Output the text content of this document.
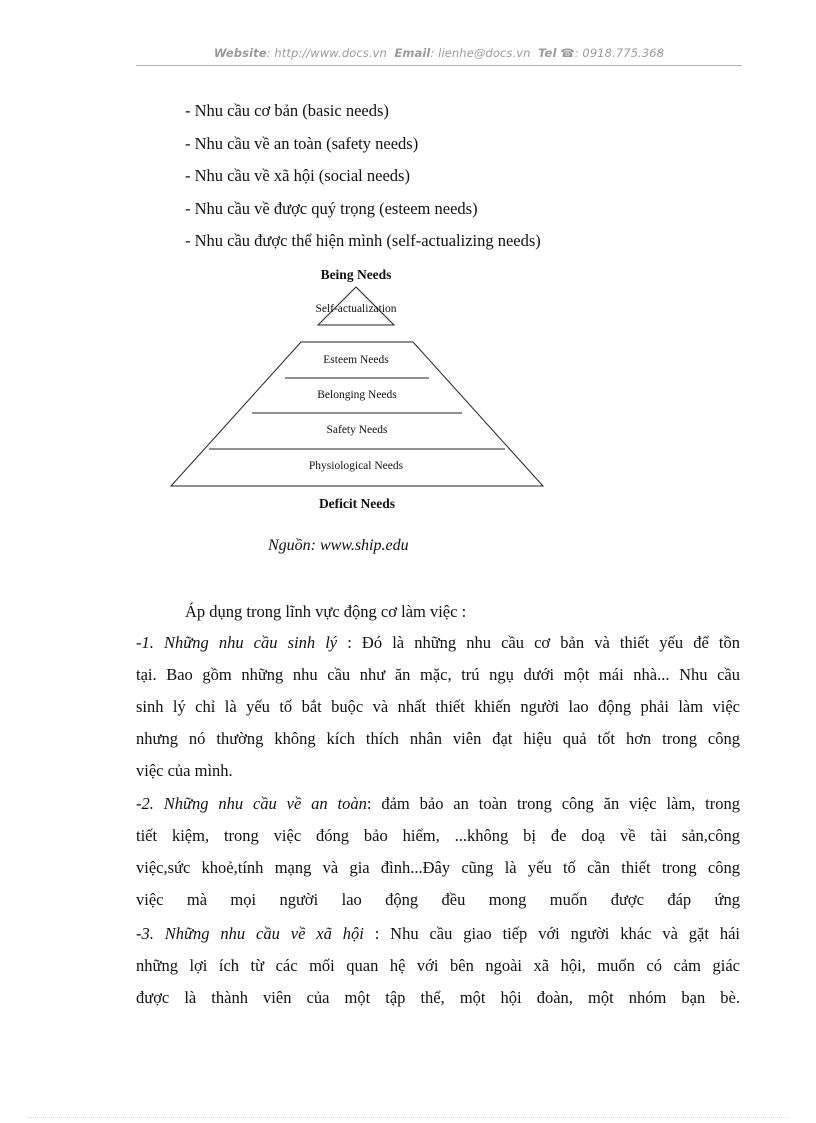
Website: http://www.docs.vn Email: lienhe@docs.vn Tel ☎: 0918.775.368
- Nhu cầu cơ bản (basic needs)
- Nhu cầu về an toàn (safety needs)
- Nhu cầu về xã hội (social needs)
- Nhu cầu về được quý trọng (esteem needs)
- Nhu cầu được thể hiện mình (self-actualizing needs)
Being Needs
Self-actualization
Esteem Needs
Belonging Needs
Safety Needs
Physiological Needs
Deficit Needs
Nguồn: www.ship.edu
Áp dụng trong lĩnh vực động cơ làm việc :
-1. Những nhu cầu sinh lý : Đó là những nhu cầu cơ bản và thiết yếu để tồn
tại. Bao gồm những nhu cầu như ăn mặc, trú ngụ dưới một mái nhà... Nhu cầu
sinh lý chỉ là yếu tố bắt buộc và nhất thiết khiến người lao động phải làm việc
nhưng nó thường không kích thích nhân viên đạt hiệu quả tốt hơn trong công
việc của mình.
-2. Những nhu cầu về an toàn: đảm bảo an toàn trong công ăn việc làm, trong
tiết kiệm, trong việc đóng bảo hiểm, ...không bị đe doạ về tài sản,công
việc,sức khoẻ,tính mạng và gia đình...Đây cũng là yếu tố cần thiết trong công
việc mà mọi người lao động đều mong muốn được đáp ứng
-3. Những nhu cầu về xã hội : Nhu cầu giao tiếp với người khác và gặt hái
những lợi ích từ các mối quan hệ với bên ngoài xã hội, muốn có cảm giác
được là thành viên của một tập thể, một hội đoàn, một nhóm bạn bè.
